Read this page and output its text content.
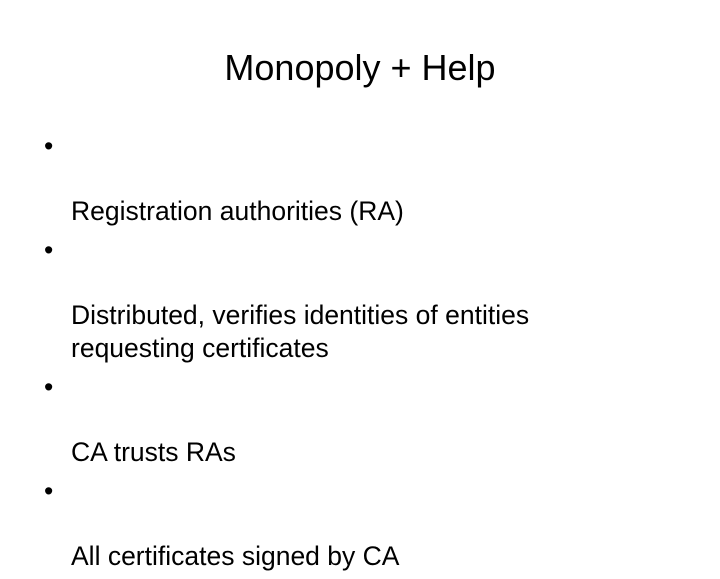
Monopoly + Help

•

Registration authorities (RA)

•

Distributed, verifies identities of entities
requesting certificates

•

CA trusts RAs

•

All certificates signed by CA
